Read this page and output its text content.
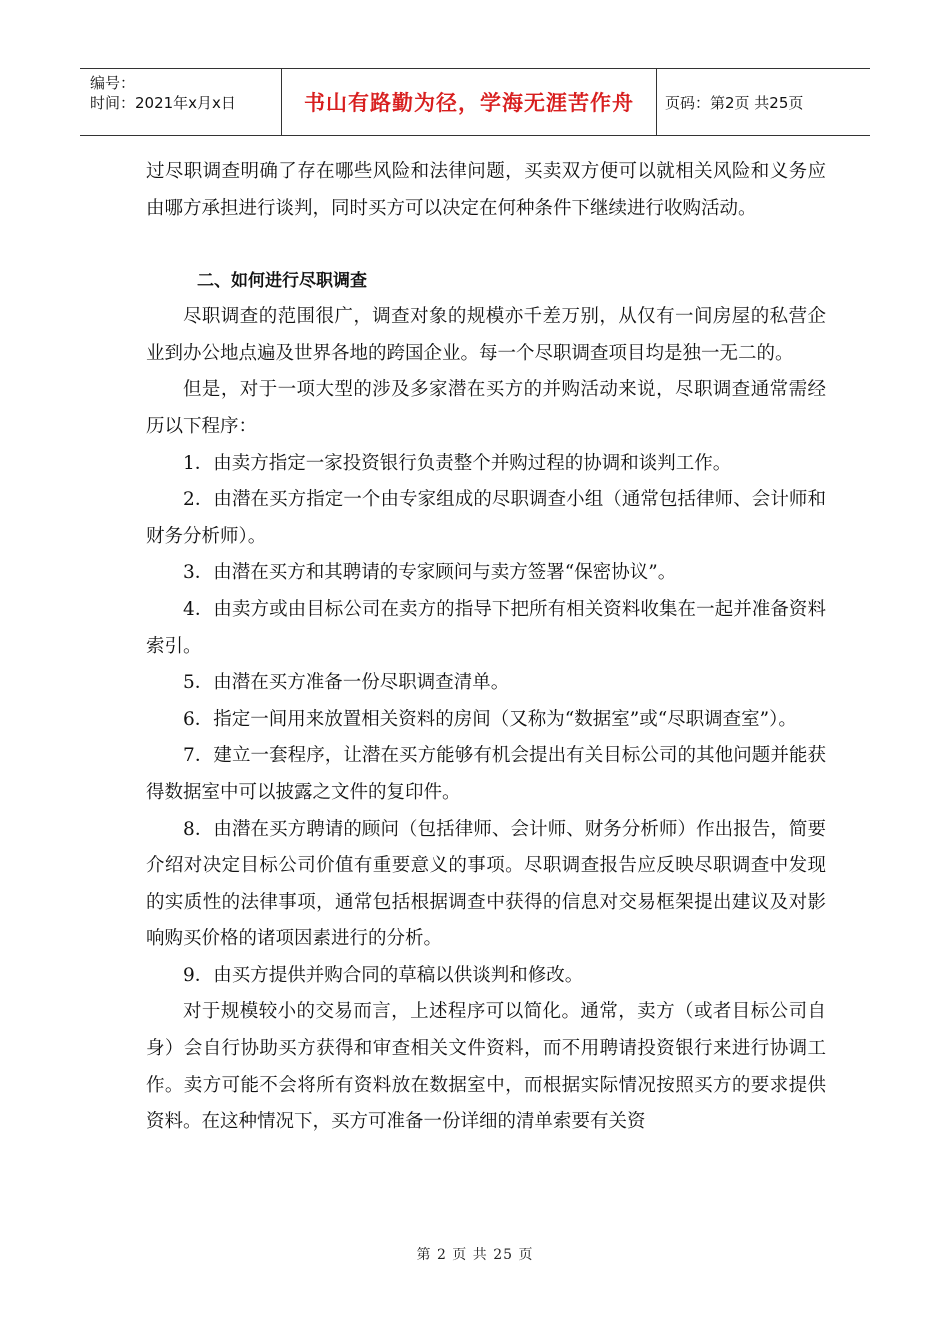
编号：
时间：2021年x月x日	书山有路勤为径，学海无涯苦作舟	页码：第2页 共25页

过尽职调查明确了存在哪些风险和法律问题，买卖双方便可以就相关风险和义务应由哪方承担进行谈判，同时买方可以决定在何种条件下继续进行收购活动。

二、如何进行尽职调查

尽职调查的范围很广，调查对象的规模亦千差万别，从仅有一间房屋的私营企业到办公地点遍及世界各地的跨国企业。每一个尽职调查项目均是独一无二的。

但是，对于一项大型的涉及多家潜在买方的并购活动来说，尽职调查通常需经历以下程序：

1．由卖方指定一家投资银行负责整个并购过程的协调和谈判工作。

2．由潜在买方指定一个由专家组成的尽职调查小组（通常包括律师、会计师和财务分析师）。

3．由潜在买方和其聘请的专家顾问与卖方签署“保密协议”。

4．由卖方或由目标公司在卖方的指导下把所有相关资料收集在一起并准备资料索引。

5．由潜在买方准备一份尽职调查清单。

6．指定一间用来放置相关资料的房间（又称为“数据室”或“尽职调查室”）。

7．建立一套程序，让潜在买方能够有机会提出有关目标公司的其他问题并能获得数据室中可以披露之文件的复印件。

8．由潜在买方聘请的顾问（包括律师、会计师、财务分析师）作出报告，简要介绍对决定目标公司价值有重要意义的事项。尽职调查报告应反映尽职调查中发现的实质性的法律事项，通常包括根据调查中获得的信息对交易框架提出建议及对影响购买价格的诸项因素进行的分析。

9．由买方提供并购合同的草稿以供谈判和修改。

对于规模较小的交易而言，上述程序可以简化。通常，卖方（或者目标公司自身）会自行协助买方获得和审查相关文件资料，而不用聘请投资银行来进行协调工作。卖方可能不会将所有资料放在数据室中，而根据实际情况按照买方的要求提供资料。在这种情况下，买方可准备一份详细的清单索要有关资

第 2 页 共 25 页
